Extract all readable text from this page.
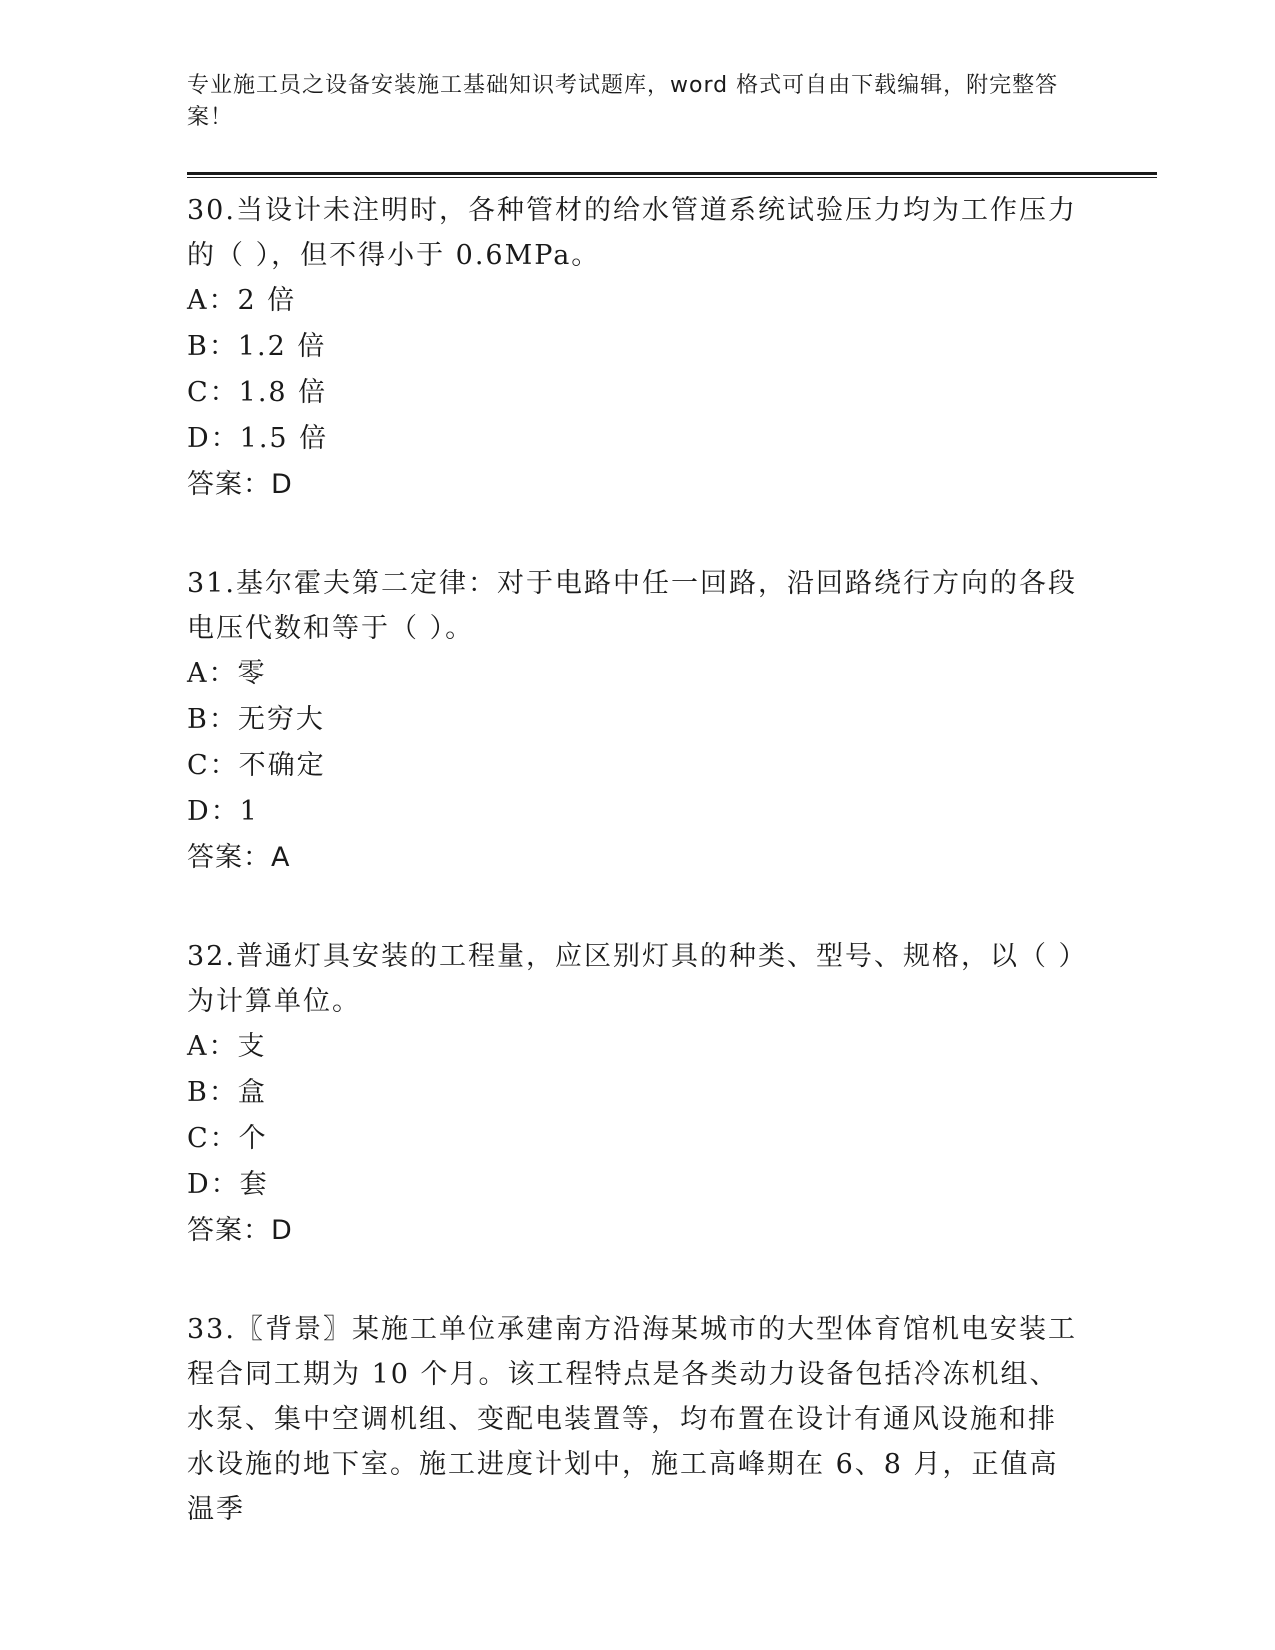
专业施工员之设备安装施工基础知识考试题库，word 格式可自由下载编辑，附完整答案！
30.当设计未注明时，各种管材的给水管道系统试验压力均为工作压力的（ ），但不得小于 0.6MPa。
A：2 倍
B：1.2 倍
C：1.8 倍
D：1.5 倍
答案：D
31.基尔霍夫第二定律：对于电路中任一回路，沿回路绕行方向的各段电压代数和等于（ ）。
A：零
B：无穷大
C：不确定
D：1
答案：A
32.普通灯具安装的工程量，应区别灯具的种类、型号、规格，以（ ）为计算单位。
A：支
B：盒
C：个
D：套
答案：D
33.〖背景〗某施工单位承建南方沿海某城市的大型体育馆机电安装工程合同工期为 10 个月。该工程特点是各类动力设备包括冷冻机组、水泵、集中空调机组、变配电装置等，均布置在设计有通风设施和排水设施的地下室。施工进度计划中，施工高峰期在 6、8 月，正值高温季
